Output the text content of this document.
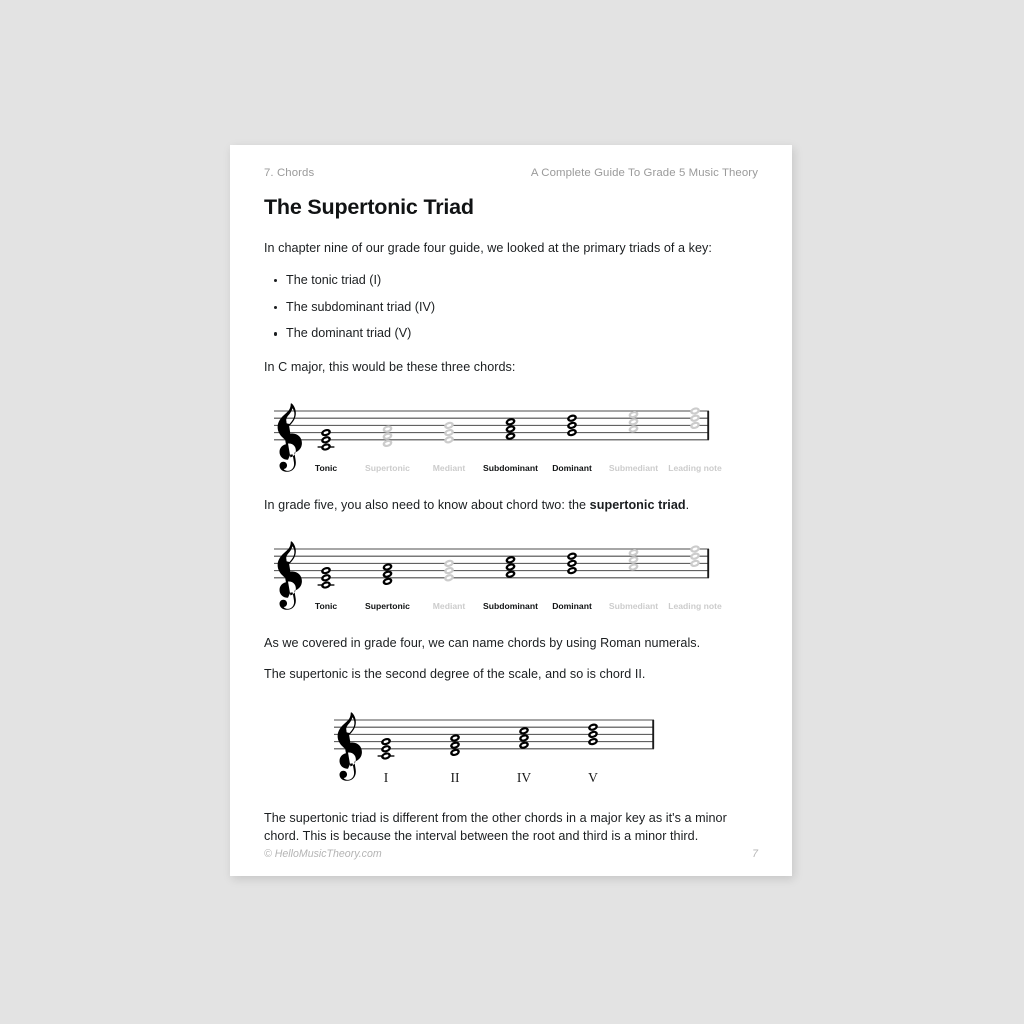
7. Chords	A Complete Guide To Grade 5 Music Theory
The Supertonic Triad

In chapter nine of our grade four guide, we looked at the primary triads of a key:

The tonic triad (I)
The subdominant triad (IV)
The dominant triad (V)

In C major, this would be these three chords:

Tonic	Supertonic	Mediant Subdominant Dominant Submediant Leading note

In grade five, you also need to know about chord two: the supertonic triad.

Tonic	Supertonic	Mediant Subdominant Dominant Submediant Leading note

As we covered in grade four, we can name chords by using Roman numerals.

The supertonic is the second degree of the scale, and so is chord II.

I	II	IV	V

The supertonic triad is different from the other chords in a major key as it's a minor chord. This is because the interval between the root and third is a minor third.

© HelloMusicTheory.com	7
